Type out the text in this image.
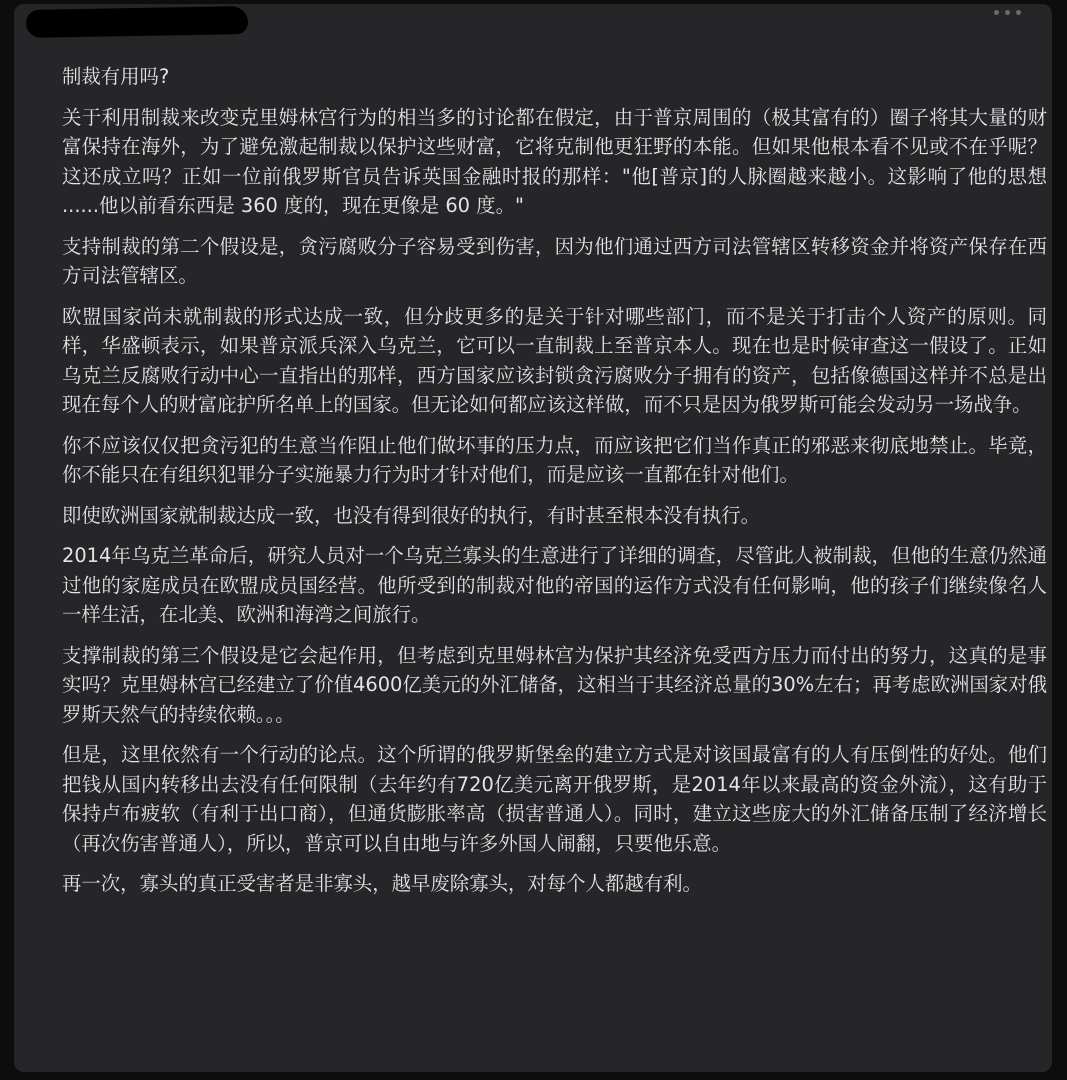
制裁有用吗?

关于利用制裁来改变克里姆林宫行为的相当多的讨论都在假定，由于普京周围的（极其富有的）圈子将其大量的财富保持在海外，为了避免激起制裁以保护这些财富，它将克制他更狂野的本能。但如果他根本看不见或不在乎呢？这还成立吗？正如一位前俄罗斯官员告诉英国金融时报的那样："他[普京]的人脉圈越来越小。这影响了他的思想 ......他以前看东西是 360 度的，现在更像是 60 度。"

支持制裁的第二个假设是，贪污腐败分子容易受到伤害，因为他们通过西方司法管辖区转移资金并将资产保存在西方司法管辖区。

欧盟国家尚未就制裁的形式达成一致，但分歧更多的是关于针对哪些部门，而不是关于打击个人资产的原则。同样，华盛顿表示，如果普京派兵深入乌克兰，它可以一直制裁上至普京本人。现在也是时候审查这一假设了。正如乌克兰反腐败行动中心一直指出的那样，西方国家应该封锁贪污腐败分子拥有的资产，包括像德国这样并不总是出现在每个人的财富庇护所名单上的国家。但无论如何都应该这样做，而不只是因为俄罗斯可能会发动另一场战争。

你不应该仅仅把贪污犯的生意当作阻止他们做坏事的压力点，而应该把它们当作真正的邪恶来彻底地禁止。毕竟，你不能只在有组织犯罪分子实施暴力行为时才针对他们，而是应该一直都在针对他们。

即使欧洲国家就制裁达成一致，也没有得到很好的执行，有时甚至根本没有执行。

2014年乌克兰革命后，研究人员对一个乌克兰寡头的生意进行了详细的调查，尽管此人被制裁，但他的生意仍然通过他的家庭成员在欧盟成员国经营。他所受到的制裁对他的帝国的运作方式没有任何影响，他的孩子们继续像名人一样生活，在北美、欧洲和海湾之间旅行。

支撑制裁的第三个假设是它会起作用，但考虑到克里姆林宫为保护其经济免受西方压力而付出的努力，这真的是事实吗？克里姆林宫已经建立了价值4600亿美元的外汇储备，这相当于其经济总量的30%左右；再考虑欧洲国家对俄罗斯天然气的持续依赖。。。

但是，这里依然有一个行动的论点。这个所谓的俄罗斯堡垒的建立方式是对该国最富有的人有压倒性的好处。他们把钱从国内转移出去没有任何限制（去年约有720亿美元离开俄罗斯，是2014年以来最高的资金外流），这有助于保持卢布疲软（有利于出口商），但通货膨胀率高（损害普通人）。同时，建立这些庞大的外汇储备压制了经济增长（再次伤害普通人），所以，普京可以自由地与许多外国人闹翻，只要他乐意。

再一次，寡头的真正受害者是非寡头，越早废除寡头，对每个人都越有利。
